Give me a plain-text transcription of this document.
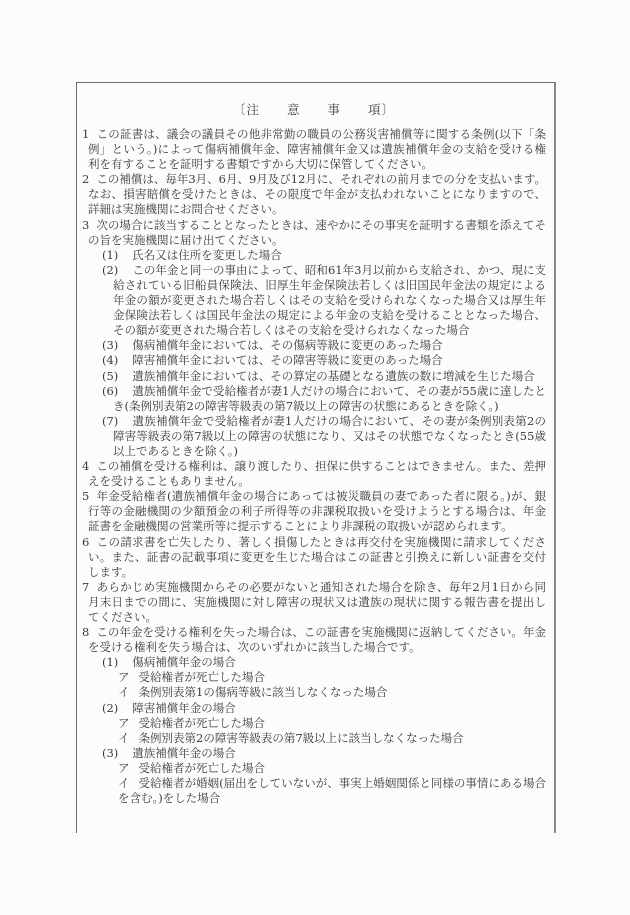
〔注　　意　　事　　項〕
1 この証書は、議会の議員その他非常勤の職員の公務災害補償等に関する条例(以下「条例」という。)によって傷病補償年金、障害補償年金又は遺族補償年金の支給を受ける権利を有することを証明する書類ですから大切に保管してください。
2 この補償は、毎年3月、6月、9月及び12月に、それぞれの前月までの分を支払います。なお、損害賠償を受けたときは、その限度で年金が支払われないことになりますので、詳細は実施機関にお問合せください。
3 次の場合に該当することとなったときは、速やかにその事実を証明する書類を添えてその旨を実施機関に届け出てください。
(1) 氏名又は住所を変更した場合
(2) この年金と同一の事由によって、昭和61年3月以前から支給され、かつ、現に支給されている旧船員保険法、旧厚生年金保険法若しくは旧国民年金法の規定による年金の額が変更された場合若しくはその支給を受けられなくなった場合又は厚生年金保険法若しくは国民年金法の規定による年金の支給を受けることとなった場合、その額が変更された場合若しくはその支給を受けられなくなった場合
(3) 傷病補償年金においては、その傷病等級に変更のあった場合
(4) 障害補償年金においては、その障害等級に変更のあった場合
(5) 遺族補償年金においては、その算定の基礎となる遺族の数に増減を生じた場合
(6) 遺族補償年金で受給権者が妻1人だけの場合において、その妻が55歳に達したとき(条例別表第2の障害等級表の第7級以上の障害の状態にあるときを除く。)
(7) 遺族補償年金で受給権者が妻1人だけの場合において、その妻が条例別表第2の障害等級表の第7級以上の障害の状態になり、又はその状態でなくなったとき(55歳以上であるときを除く。)
4 この補償を受ける権利は、譲り渡したり、担保に供することはできません。また、差押えを受けることもありません。
5 年金受給権者(遺族補償年金の場合にあっては被災職員の妻であった者に限る。)が、銀行等の金融機関の少額預金の利子所得等の非課税取扱いを受けようとする場合は、年金証書を金融機関の営業所等に提示することにより非課税の取扱いが認められます。
6 この請求書を亡失したり、著しく損傷したときは再交付を実施機関に請求してください。また、証書の記載事項に変更を生じた場合はこの証書と引換えに新しい証書を交付します。
7 あらかじめ実施機関からその必要がないと通知された場合を除き、毎年2月1日から同月末日までの間に、実施機関に対し障害の現状又は遺族の現状に関する報告書を提出してください。
8 この年金を受ける権利を失った場合は、この証書を実施機関に返納してください。年金を受ける権利を失う場合は、次のいずれかに該当した場合です。
(1) 傷病補償年金の場合
ア 受給権者が死亡した場合
イ 条例別表第1の傷病等級に該当しなくなった場合
(2) 障害補償年金の場合
ア 受給権者が死亡した場合
イ 条例別表第2の障害等級表の第7級以上に該当しなくなった場合
(3) 遺族補償年金の場合
ア 受給権者が死亡した場合
イ 受給権者が婚姻(届出をしていないが、事実上婚姻関係と同様の事情にある場合を含む。)をした場合
